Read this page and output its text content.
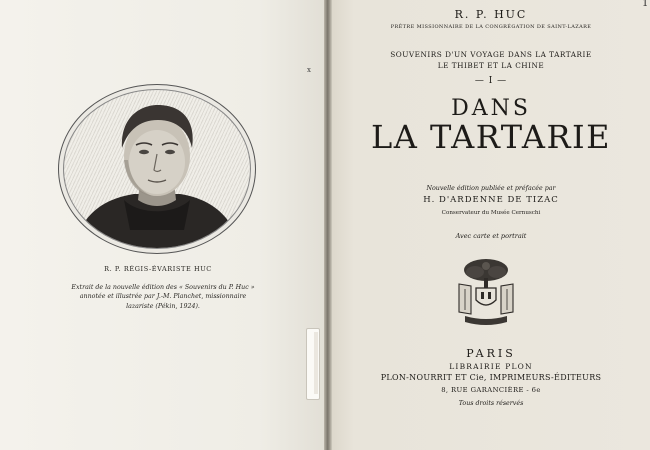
R. P. RÉGIS-ÉVARISTE HUC
Extrait de la nouvelle édition des « Souvenirs du P. Huc »
annotée et illustrée par J.-M. Planchet, missionnaire
lazariste (Pékin, 1924).
1
R. P. HUC
PRÊTRE MISSIONNAIRE DE LA CONGRÉGATION DE SAINT-LAZARE
SOUVENIRS D'UN VOYAGE DANS LA TARTARIE
LE THIBET ET LA CHINE
— I —
DANS
LA TARTARIE
Nouvelle édition publiée et préfacée par
H. D'ARDENNE DE TIZAC
Conservateur du Musée Cernuschi
Avec carte et portrait
PARIS
LIBRAIRIE PLON
PLON-NOURRIT ET Cie, IMPRIMEURS-ÉDITEURS
8, RUE GARANCIÈRE - 6e
Tous droits réservés
x
